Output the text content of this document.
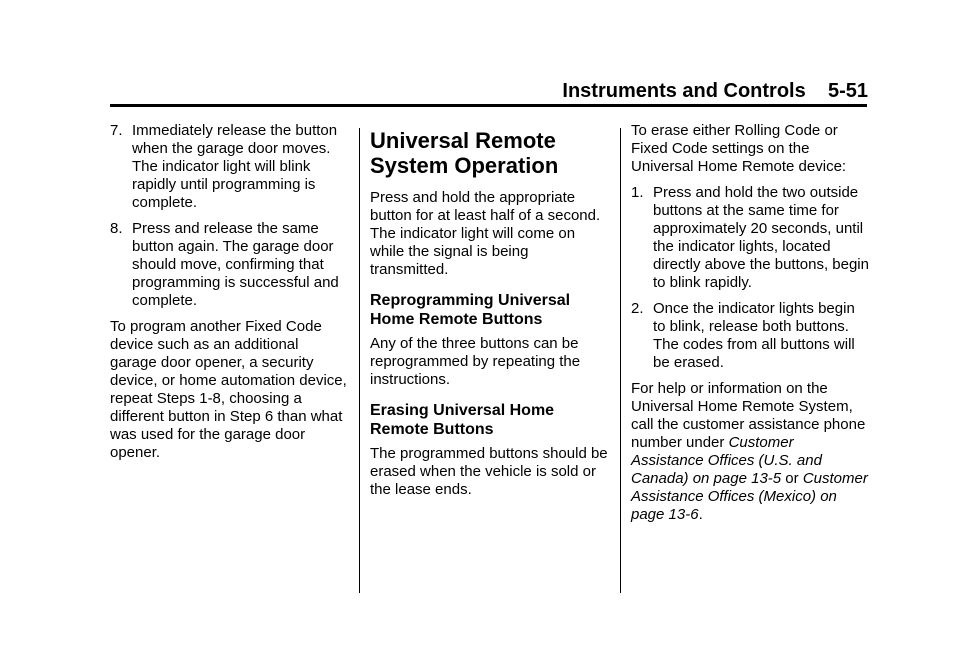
Instruments and Controls    5-51
7. Immediately release the button when the garage door moves. The indicator light will blink rapidly until programming is complete.
8. Press and release the same button again. The garage door should move, confirming that programming is successful and complete.

To program another Fixed Code device such as an additional garage door opener, a security device, or home automation device, repeat Steps 1-8, choosing a different button in Step 6 than what was used for the garage door opener.

Universal Remote System Operation

Press and hold the appropriate button for at least half of a second. The indicator light will come on while the signal is being transmitted.

Reprogramming Universal Home Remote Buttons

Any of the three buttons can be reprogrammed by repeating the instructions.

Erasing Universal Home Remote Buttons

The programmed buttons should be erased when the vehicle is sold or the lease ends.

To erase either Rolling Code or Fixed Code settings on the Universal Home Remote device:

1. Press and hold the two outside buttons at the same time for approximately 20 seconds, until the indicator lights, located directly above the buttons, begin to blink rapidly.
2. Once the indicator lights begin to blink, release both buttons. The codes from all buttons will be erased.

For help or information on the Universal Home Remote System, call the customer assistance phone number under Customer Assistance Offices (U.S. and Canada) on page 13-5 or Customer Assistance Offices (Mexico) on page 13-6.
